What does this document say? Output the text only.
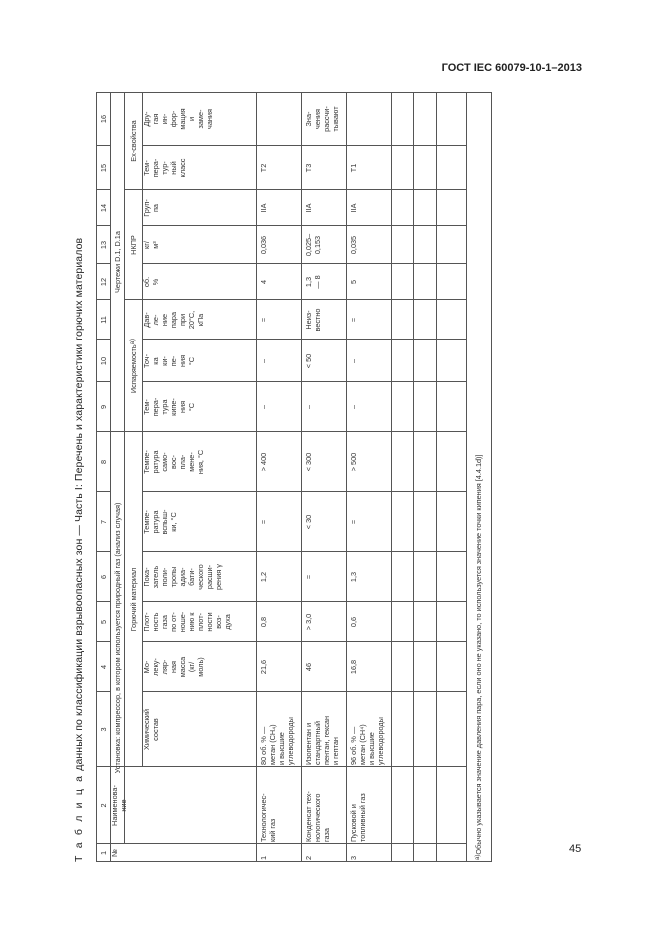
ГОСТ IEC 60079-10-1–2013
45
Т а б л и ц а данных по классификации взрывоопасных зон — Часть I: Перечень и характеристики горючих материалов
1
2
3
4
5
6
7
8
9
10
11
12
13
14
15
16
Установка: компрессор, в котором используется природный газ (анализ случая)
Чертежи D.1, D.1a
Горючий материал
Испаряемость
а)
НКПР
Ex-свойства
№
Наименова-
ние
Химический
состав
Мо-
леку-
ляр-
ная
масса
(кг/
моль)
Плот-
ность
газа
по от-
ноше-
нию к
плот-
ности
воз-
духа
Пока-
затель
поли-
тропы
адиа-
бати-
ческого
расши-
рения γ
Темпе-
ратура
вспыш-
ки, °С
Темпе-
ратура
само-
вос-
пла-
мене-
ния, °С
Тем-
пера-
тура
кипе-
ния
°С
Точ-
ка
ки-
пе-
ния
°С
Дав-
ле-
ние
пара
при
20°С,
кПа
об.
%
кг/
м³
Груп-
па
Тем-
пера-
тур-
ный
класс
Дру-
гая
ин-
фор-
мация
и
заме-
чания
1
Технологичес-
кий газ
80 об. % —
метан (СН₄)
и высшие
углеводороды
21,6
0,8
1,2
=
> 400
–
–
=
4
0,036
IIA
T2
2
Конденсат тех-
нологического
газа
Изопентан и
стандартный
пентан, гексан
и гептан
46
> 3,0
=
< 30
< 300
–
< 50
Неиз-
вестно
1,3
— 8
0,025–
0,153
IIA
T3
Зна-
чения
рассчи-
тывают
3
Пусковой и
топливный газ
96 об. % —
метан (СН⁴)
и высшие
углеводороды
16,8
0,6
1,3
=
> 500
–
–
=
5
0,035
IIA
T1
а)
Обычно указывается значение давления пара, если оно не указано, то используется значение точки кипения [4.4.1d)]
